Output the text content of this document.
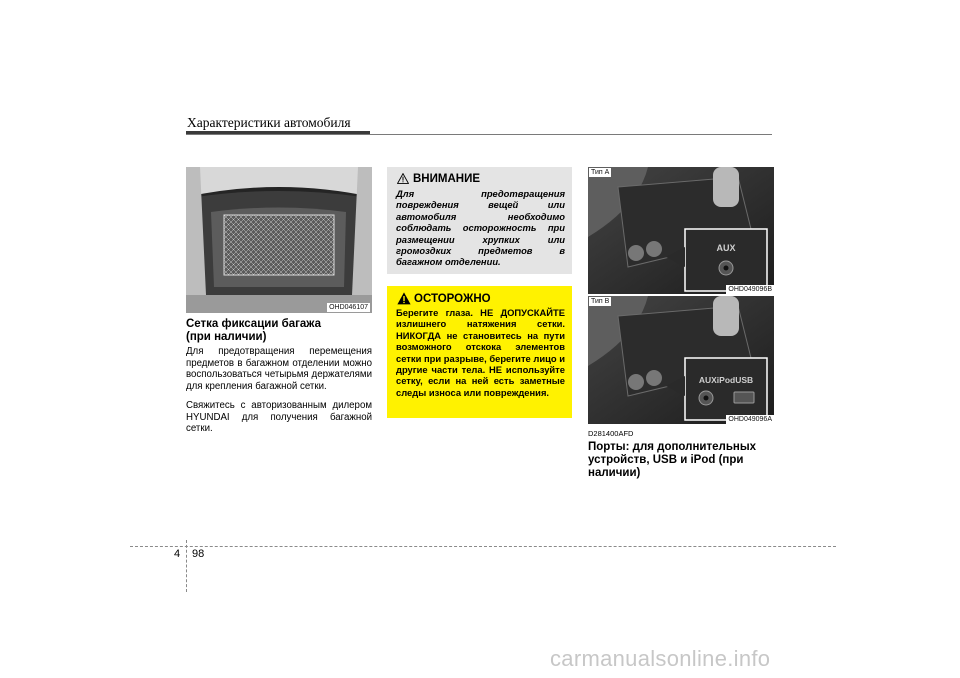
Характеристики автомобиля
OHD046107
Сетка фиксации багажа
(при наличии)
Для предотвращения перемещения предметов в багажном отделении можно воспользоваться четырьмя держателями для крепления багажной сетки.
Свяжитесь с авторизованным дилером HYUNDAI для получения багажной сетки.
ВНИМАНИЕ
Для предотвращения повреждения вещей или автомобиля необходимо соблюдать осторожность при размещении хрупких или громоздких предметов в багажном отделении.
ОСТОРОЖНО
Берегите глаза. НЕ ДОПУСКАЙТЕ излишнего натяжения сетки. НИКОГДА не становитесь на пути возможного отскока элементов сетки при разрыве, берегите лицо и другие части тела. НЕ используйте сетку, если на ней есть заметные следы износа или повреждения.
AUX
Тип A
OHD049096B
AUXiPodUSB
Тип B
OHD049096A
D281400AFD
Порты: для дополнительных
устройств, USB и iPod (при
наличии)
4 98
carmanualsonline.info
